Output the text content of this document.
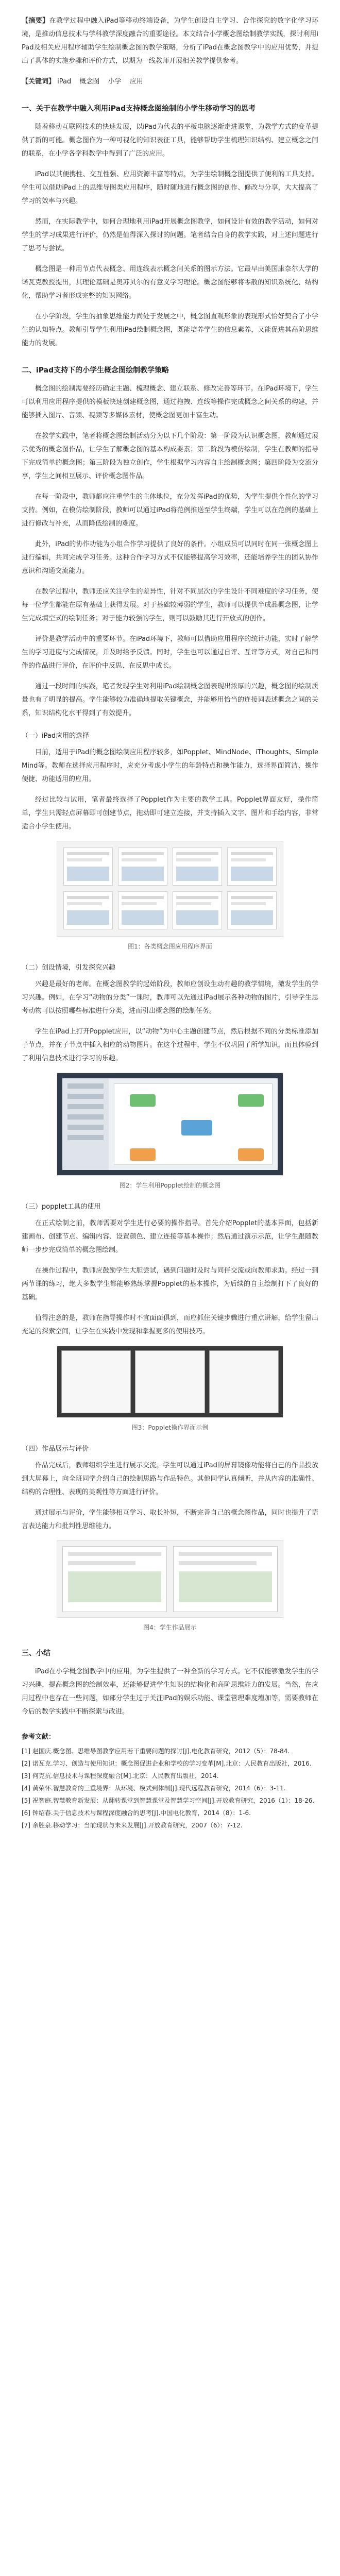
【摘要】在教学过程中融入iPad等移动终端设备，为学生创设自主学习、合作探究的数字化学习环境，是推动信息技术与学科教学深度融合的重要途径。本文结合小学概念图绘制教学实践，探讨利用iPad及相关应用程序辅助学生绘制概念图的教学策略，分析了iPad在概念图教学中的应用优势，并提出了具体的实施步骤和评价方式，以期为一线教师开展相关教学提供参考。

【关键词】 iPad 概念图 小学 应用

一、关于在教学中融入利用iPad支持概念图绘制的小学生移动学习的思考

随着移动互联网技术的快速发展，以iPad为代表的平板电脑逐渐走进课堂，为教学方式的变革提供了新的可能。概念图作为一种可视化的知识表征工具，能够帮助学生梳理知识结构、建立概念之间的联系，在小学各学科教学中得到了广泛的应用。

iPad以其便携性、交互性强、应用资源丰富等特点，为学生绘制概念图提供了便利的工具支持。学生可以借助iPad上的思维导图类应用程序，随时随地进行概念图的创作、修改与分享，大大提高了学习的效率与兴趣。

然而，在实际教学中，如何合理地利用iPad开展概念图教学，如何设计有效的教学活动，如何对学生的学习成果进行评价，仍然是值得深入探讨的问题。笔者结合自身的教学实践，对上述问题进行了思考与尝试。

概念图是一种用节点代表概念、用连线表示概念间关系的图示方法。它最早由美国康奈尔大学的诺瓦克教授提出，其理论基础是奥苏贝尔的有意义学习理论。概念图能够将零散的知识系统化、结构化，帮助学习者形成完整的知识网络。

在小学阶段，学生的抽象思维能力尚处于发展之中，概念图直观形象的表现形式恰好契合了小学生的认知特点。教师引导学生利用iPad绘制概念图，既能培养学生的信息素养，又能促进其高阶思维能力的发展。

二、iPad支持下的小学生概念图绘制教学策略

概念图的绘制需要经历确定主题、梳理概念、建立联系、修改完善等环节。在iPad环境下，学生可以利用应用程序提供的模板快速创建概念图，通过拖拽、连线等操作完成概念之间关系的构建，并能够插入图片、音频、视频等多媒体素材，使概念图更加丰富生动。

在教学实践中，笔者将概念图绘制活动分为以下几个阶段：第一阶段为认识概念图，教师通过展示优秀的概念图作品，让学生了解概念图的基本构成要素；第二阶段为模仿绘制，学生在教师的指导下完成简单的概念图；第三阶段为独立创作，学生根据学习内容自主绘制概念图；第四阶段为交流分享，学生之间相互展示、评价概念图作品。

在每一阶段中，教师都应注重学生的主体地位，充分发挥iPad的优势，为学生提供个性化的学习支持。例如，在模仿绘制阶段，教师可以通过iPad将范例推送至学生终端，学生可以在范例的基础上进行修改与补充，从而降低绘制的难度。

此外，iPad的协作功能为小组合作学习提供了良好的条件。小组成员可以同时在同一张概念图上进行编辑，共同完成学习任务。这种合作学习方式不仅能够提高学习效率，还能培养学生的团队协作意识和沟通交流能力。

在教学过程中，教师还应关注学生的差异性，针对不同层次的学生设计不同难度的学习任务，使每一位学生都能在原有基础上获得发展。对于基础较薄弱的学生，教师可以提供半成品概念图，让学生完成填空式的绘制任务；对于能力较强的学生，则可以鼓励其进行开放式的创作。

评价是教学活动中的重要环节。在iPad环境下，教师可以借助应用程序的统计功能，实时了解学生的学习进度与完成情况，并及时给予反馈。同时，学生也可以通过自评、互评等方式，对自己和同伴的作品进行评价，在评价中反思、在反思中成长。

通过一段时间的实践，笔者发现学生对利用iPad绘制概念图表现出浓厚的兴趣，概念图的绘制质量也有了明显的提高。学生能够较为准确地提取关键概念，并能够用恰当的连接词表述概念之间的关系，知识结构化水平得到了有效提升。

（一）iPad应用的选择

目前，适用于iPad的概念图绘制应用程序较多，如Popplet、MindNode、iThoughts、SimpleMind等。教师在选择应用程序时，应充分考虑小学生的年龄特点和操作能力，选择界面简洁、操作便捷、功能适用的应用。

经过比较与试用，笔者最终选择了Popplet作为主要的教学工具。Popplet界面友好，操作简单，学生只需轻点屏幕即可创建节点，拖动即可建立连接，并支持插入文字、图片和手绘内容，非常适合小学生使用。

图1：各类概念图应用程序界面
（二）创设情境，引发探究兴趣

兴趣是最好的老师。在概念图教学的起始阶段，教师应创设生动有趣的教学情境，激发学生的学习兴趣。例如，在学习“动物的分类”一课时，教师可以先通过iPad展示各种动物的图片，引导学生思考动物可以按照哪些标准进行分类，进而引出概念图的绘制任务。

学生在iPad上打开Popplet应用，以“动物”为中心主题创建节点，然后根据不同的分类标准添加子节点，并在子节点中插入相应的动物图片。在这个过程中，学生不仅巩固了所学知识，而且体验到了利用信息技术进行学习的乐趣。

图2：学生利用Popplet绘制的概念图
（三）popplet工具的使用

在正式绘制之前，教师需要对学生进行必要的操作指导。首先介绍Popplet的基本界面，包括新建画布、创建节点、编辑内容、设置颜色、建立连接等基本操作；然后通过演示示范，让学生跟随教师一步步完成简单的概念图绘制。

在操作过程中，教师应鼓励学生大胆尝试，遇到问题时及时与同伴交流或向教师求助。经过一到两节课的练习，绝大多数学生都能够熟练掌握Popplet的基本操作，为后续的自主绘制打下了良好的基础。

值得注意的是，教师在指导操作时不宜面面俱到，而应抓住关键步骤进行重点讲解，给学生留出充足的探索空间，让学生在实践中发现和掌握更多的使用技巧。

图3：Popplet操作界面示例
（四）作品展示与评价

作品完成后，教师组织学生进行展示交流。学生可以通过iPad的屏幕镜像功能将自己的作品投放到大屏幕上，向全班同学介绍自己的绘制思路与作品特色。其他同学认真倾听，并从内容的准确性、结构的合理性、表现的美观性等方面进行评价。

通过展示与评价，学生能够相互学习、取长补短，不断完善自己的概念图作品，同时也提升了语言表达能力和批判性思维能力。

图4：学生作品展示
三、小结

iPad在小学概念图教学中的应用，为学生提供了一种全新的学习方式。它不仅能够激发学生的学习兴趣，提高概念图的绘制效率，还能够促进学生知识的结构化和高阶思维能力的发展。当然，在应用过程中也存在一些问题，如部分学生过于关注iPad的娱乐功能、课堂管理难度增加等，需要教师在今后的教学实践中不断探索与改进。

参考文献：
[1] 赵国庆.概念图、思维导图教学应用若干重要问题的探讨[J].电化教育研究，2012（5）：78-84.
[2] 诺瓦克.学习、创造与使用知识：概念图促进企业和学校的学习变革[M].北京：人民教育出版社，2016.
[3] 何克抗.信息技术与课程深度融合[M].北京：人民教育出版社，2014.
[4] 黄荣怀.智慧教育的三重境界：从环境、模式到体制[J].现代远程教育研究，2014（6）：3-11.
[5] 祝智庭.智慧教育新发展：从翻转课堂到智慧课堂及智慧学习空间[J].开放教育研究，2016（1）：18-26.
[6] 钟绍春.关于信息技术与课程深度融合的思考[J].中国电化教育，2014（8）：1-6.
[7] 余胜泉.移动学习：当前现状与未来发展[J].开放教育研究，2007（6）：7-12.
